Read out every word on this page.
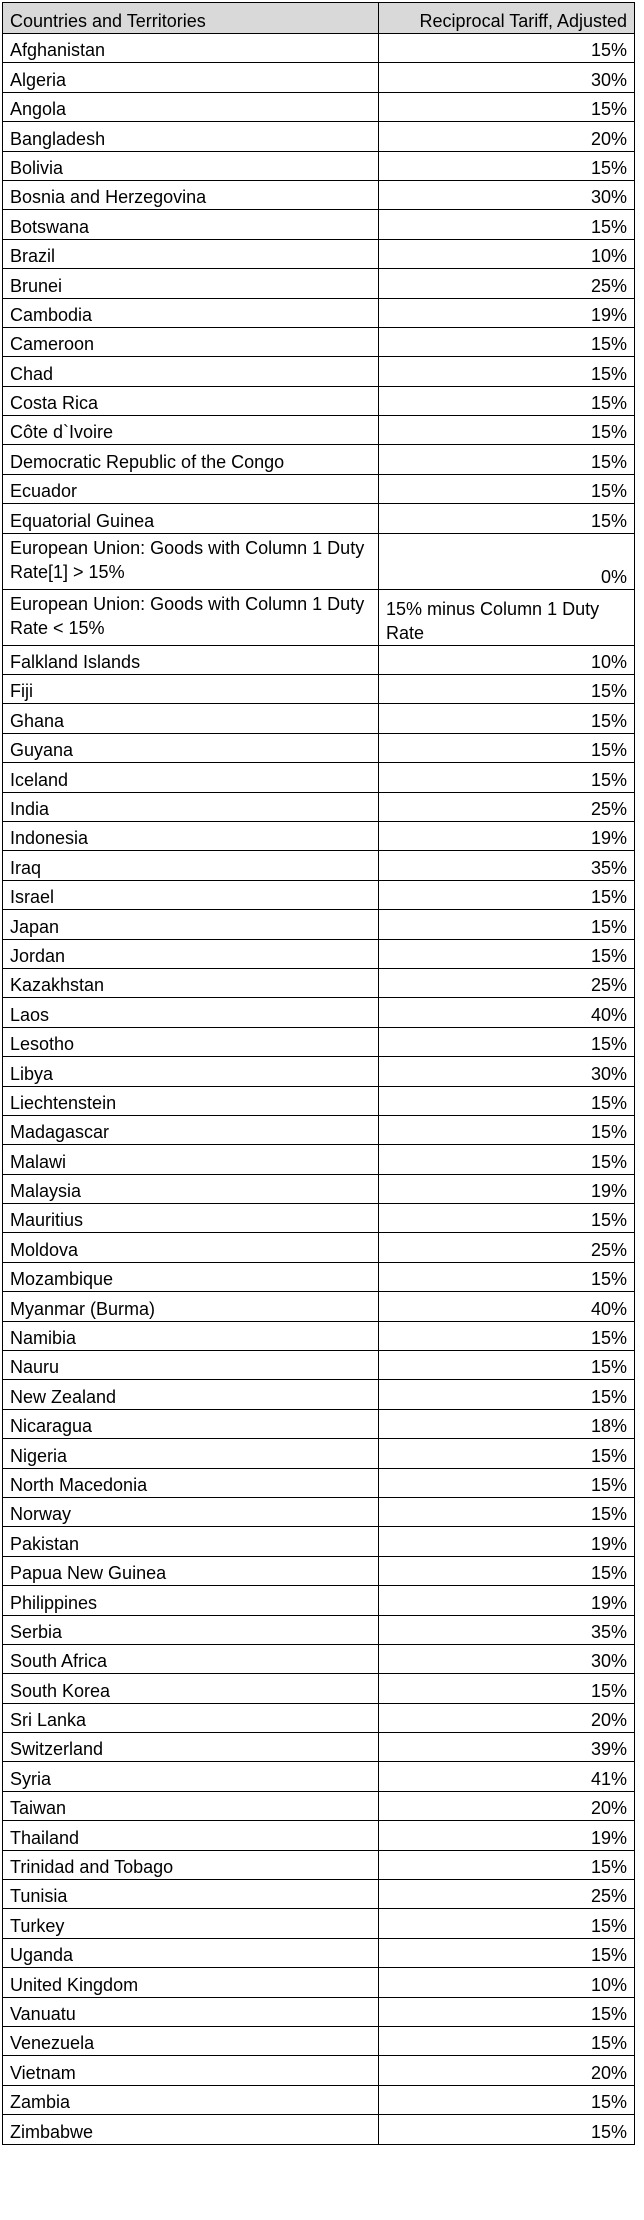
Countries and Territories	Reciprocal Tariff, Adjusted
Afghanistan	15%
Algeria	30%
Angola	15%
Bangladesh	20%
Bolivia	15%
Bosnia and Herzegovina	30%
Botswana	15%
Brazil	10%
Brunei	25%
Cambodia	19%
Cameroon	15%
Chad	15%
Costa Rica	15%
Côte d`Ivoire	15%
Democratic Republic of the Congo	15%
Ecuador	15%
Equatorial Guinea	15%
European Union: Goods with Column 1 Duty Rate[1] > 15%	0%
European Union: Goods with Column 1 Duty Rate < 15%	15% minus Column 1 Duty Rate
Falkland Islands	10%
Fiji	15%
Ghana	15%
Guyana	15%
Iceland	15%
India	25%
Indonesia	19%
Iraq	35%
Israel	15%
Japan	15%
Jordan	15%
Kazakhstan	25%
Laos	40%
Lesotho	15%
Libya	30%
Liechtenstein	15%
Madagascar	15%
Malawi	15%
Malaysia	19%
Mauritius	15%
Moldova	25%
Mozambique	15%
Myanmar (Burma)	40%
Namibia	15%
Nauru	15%
New Zealand	15%
Nicaragua	18%
Nigeria	15%
North Macedonia	15%
Norway	15%
Pakistan	19%
Papua New Guinea	15%
Philippines	19%
Serbia	35%
South Africa	30%
South Korea	15%
Sri Lanka	20%
Switzerland	39%
Syria	41%
Taiwan	20%
Thailand	19%
Trinidad and Tobago	15%
Tunisia	25%
Turkey	15%
Uganda	15%
United Kingdom	10%
Vanuatu	15%
Venezuela	15%
Vietnam	20%
Zambia	15%
Zimbabwe	15%
